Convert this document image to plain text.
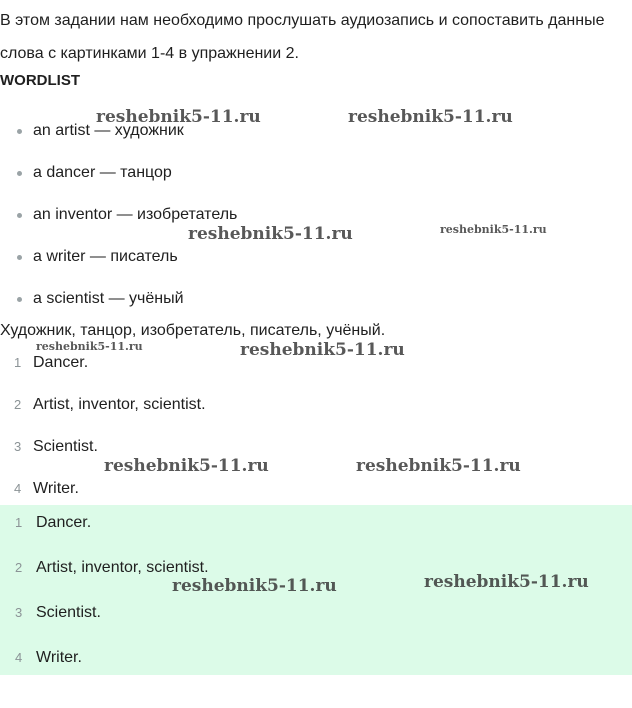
В этом задании нам необходимо прослушать аудиозапись и сопоставить данные слова с картинками 1-4 в упражнении 2.

WORDLIST

an artist — художник
a dancer — танцор
an inventor — изобретатель
a writer — писатель
a scientist — учёный

Художник, танцор, изобретатель, писатель, учёный.

1 Dancer.
2 Artist, inventor, scientist.
3 Scientist.
4 Writer.
1 Dancer.
2 Artist, inventor, scientist.
3 Scientist.
4 Writer.
reshebnik5-11.ru	reshebnik5-11.ru
reshebnik5-11.ru	reshebnik5-11.ru
reshebnik5-11.ru	reshebnik5-11.ru
reshebnik5-11.ru	reshebnik5-11.ru
reshebnik5-11.ru	reshebnik5-11.ru
